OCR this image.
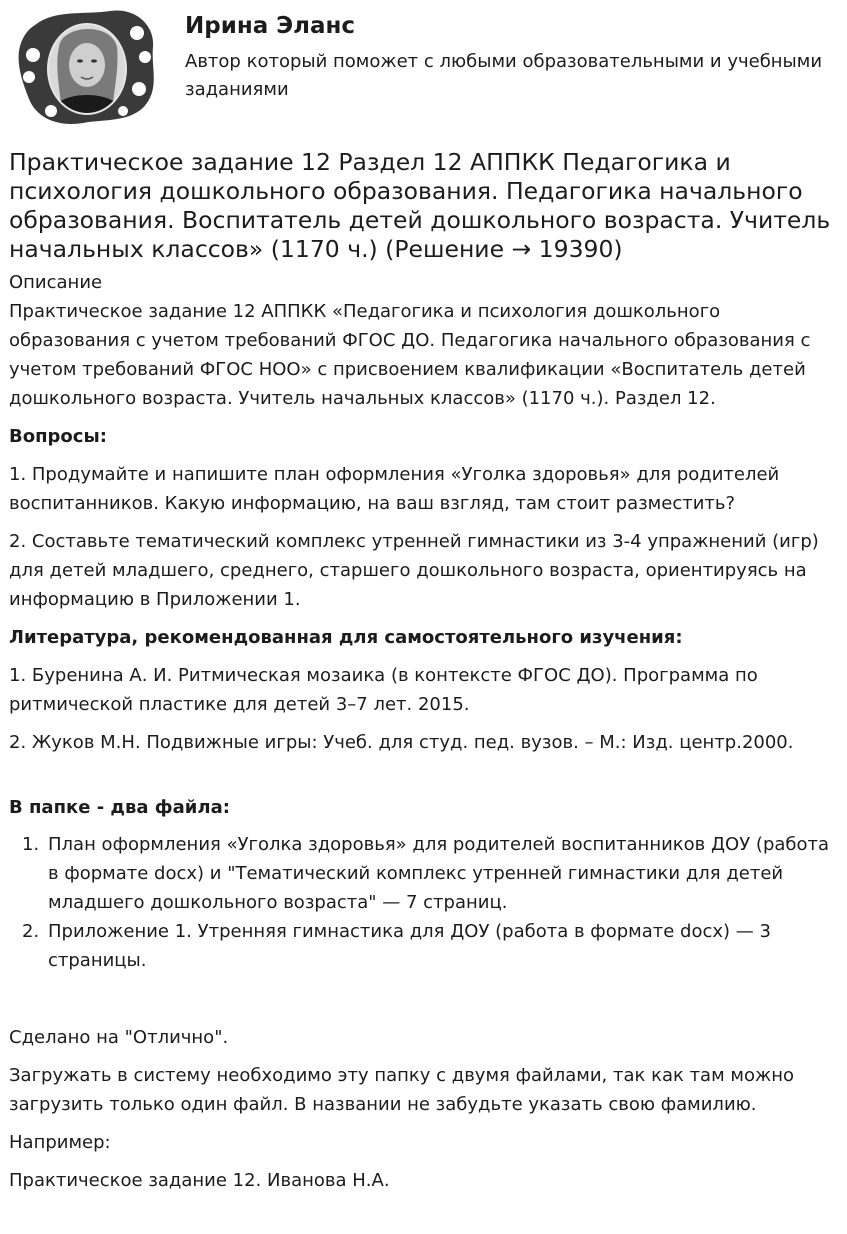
Ирина Эланс
Автор который поможет с любыми образовательными и учебными заданиями
Практическое задание 12 Раздел 12 АППКК Педагогика и психология дошкольного образования. Педагогика начального образования. Воспитатель детей дошкольного возраста. Учитель начальных классов» (1170 ч.) (Решение → 19390)
Описание

Практическое задание 12 АППКК «Педагогика и психология дошкольного образования с учетом требований ФГОС ДО. Педагогика начального образования с учетом требований ФГОС НОО» с присвоением квалификации «Воспитатель детей дошкольного возраста. Учитель начальных классов» (1170 ч.). Раздел 12.

Вопросы:

1. Продумайте и напишите план оформления «Уголка здоровья» для родителей воспитанников. Какую информацию, на ваш взгляд, там стоит разместить?

2. Составьте тематический комплекс утренней гимнастики из 3-4 упражнений (игр) для детей младшего, среднего, старшего дошкольного возраста, ориентируясь на информацию в Приложении 1.

Литература, рекомендованная для самостоятельного изучения:

1. Буренина А. И. Ритмическая мозаика (в контексте ФГОС ДО). Программа по ритмической пластике для детей 3–7 лет. 2015.

2. Жуков М.Н. Подвижные игры: Учеб. для студ. пед. вузов. – М.: Изд. центр.2000.

В папке - два файла:

1. План оформления «Уголка здоровья» для родителей воспитанников ДОУ (работа в формате docx) и "Тематический комплекс утренней гимнастики для детей младшего дошкольного возраста" — 7 страниц.
2. Приложение 1. Утренняя гимнастика для ДОУ (работа в формате docx) — 3 страницы.

Сделано на "Отлично".

Загружать в систему необходимо эту папку с двумя файлами, так как там можно загрузить только один файл. В названии не забудьте указать свою фамилию.

Например:

Практическое задание 12. Иванова Н.А.
